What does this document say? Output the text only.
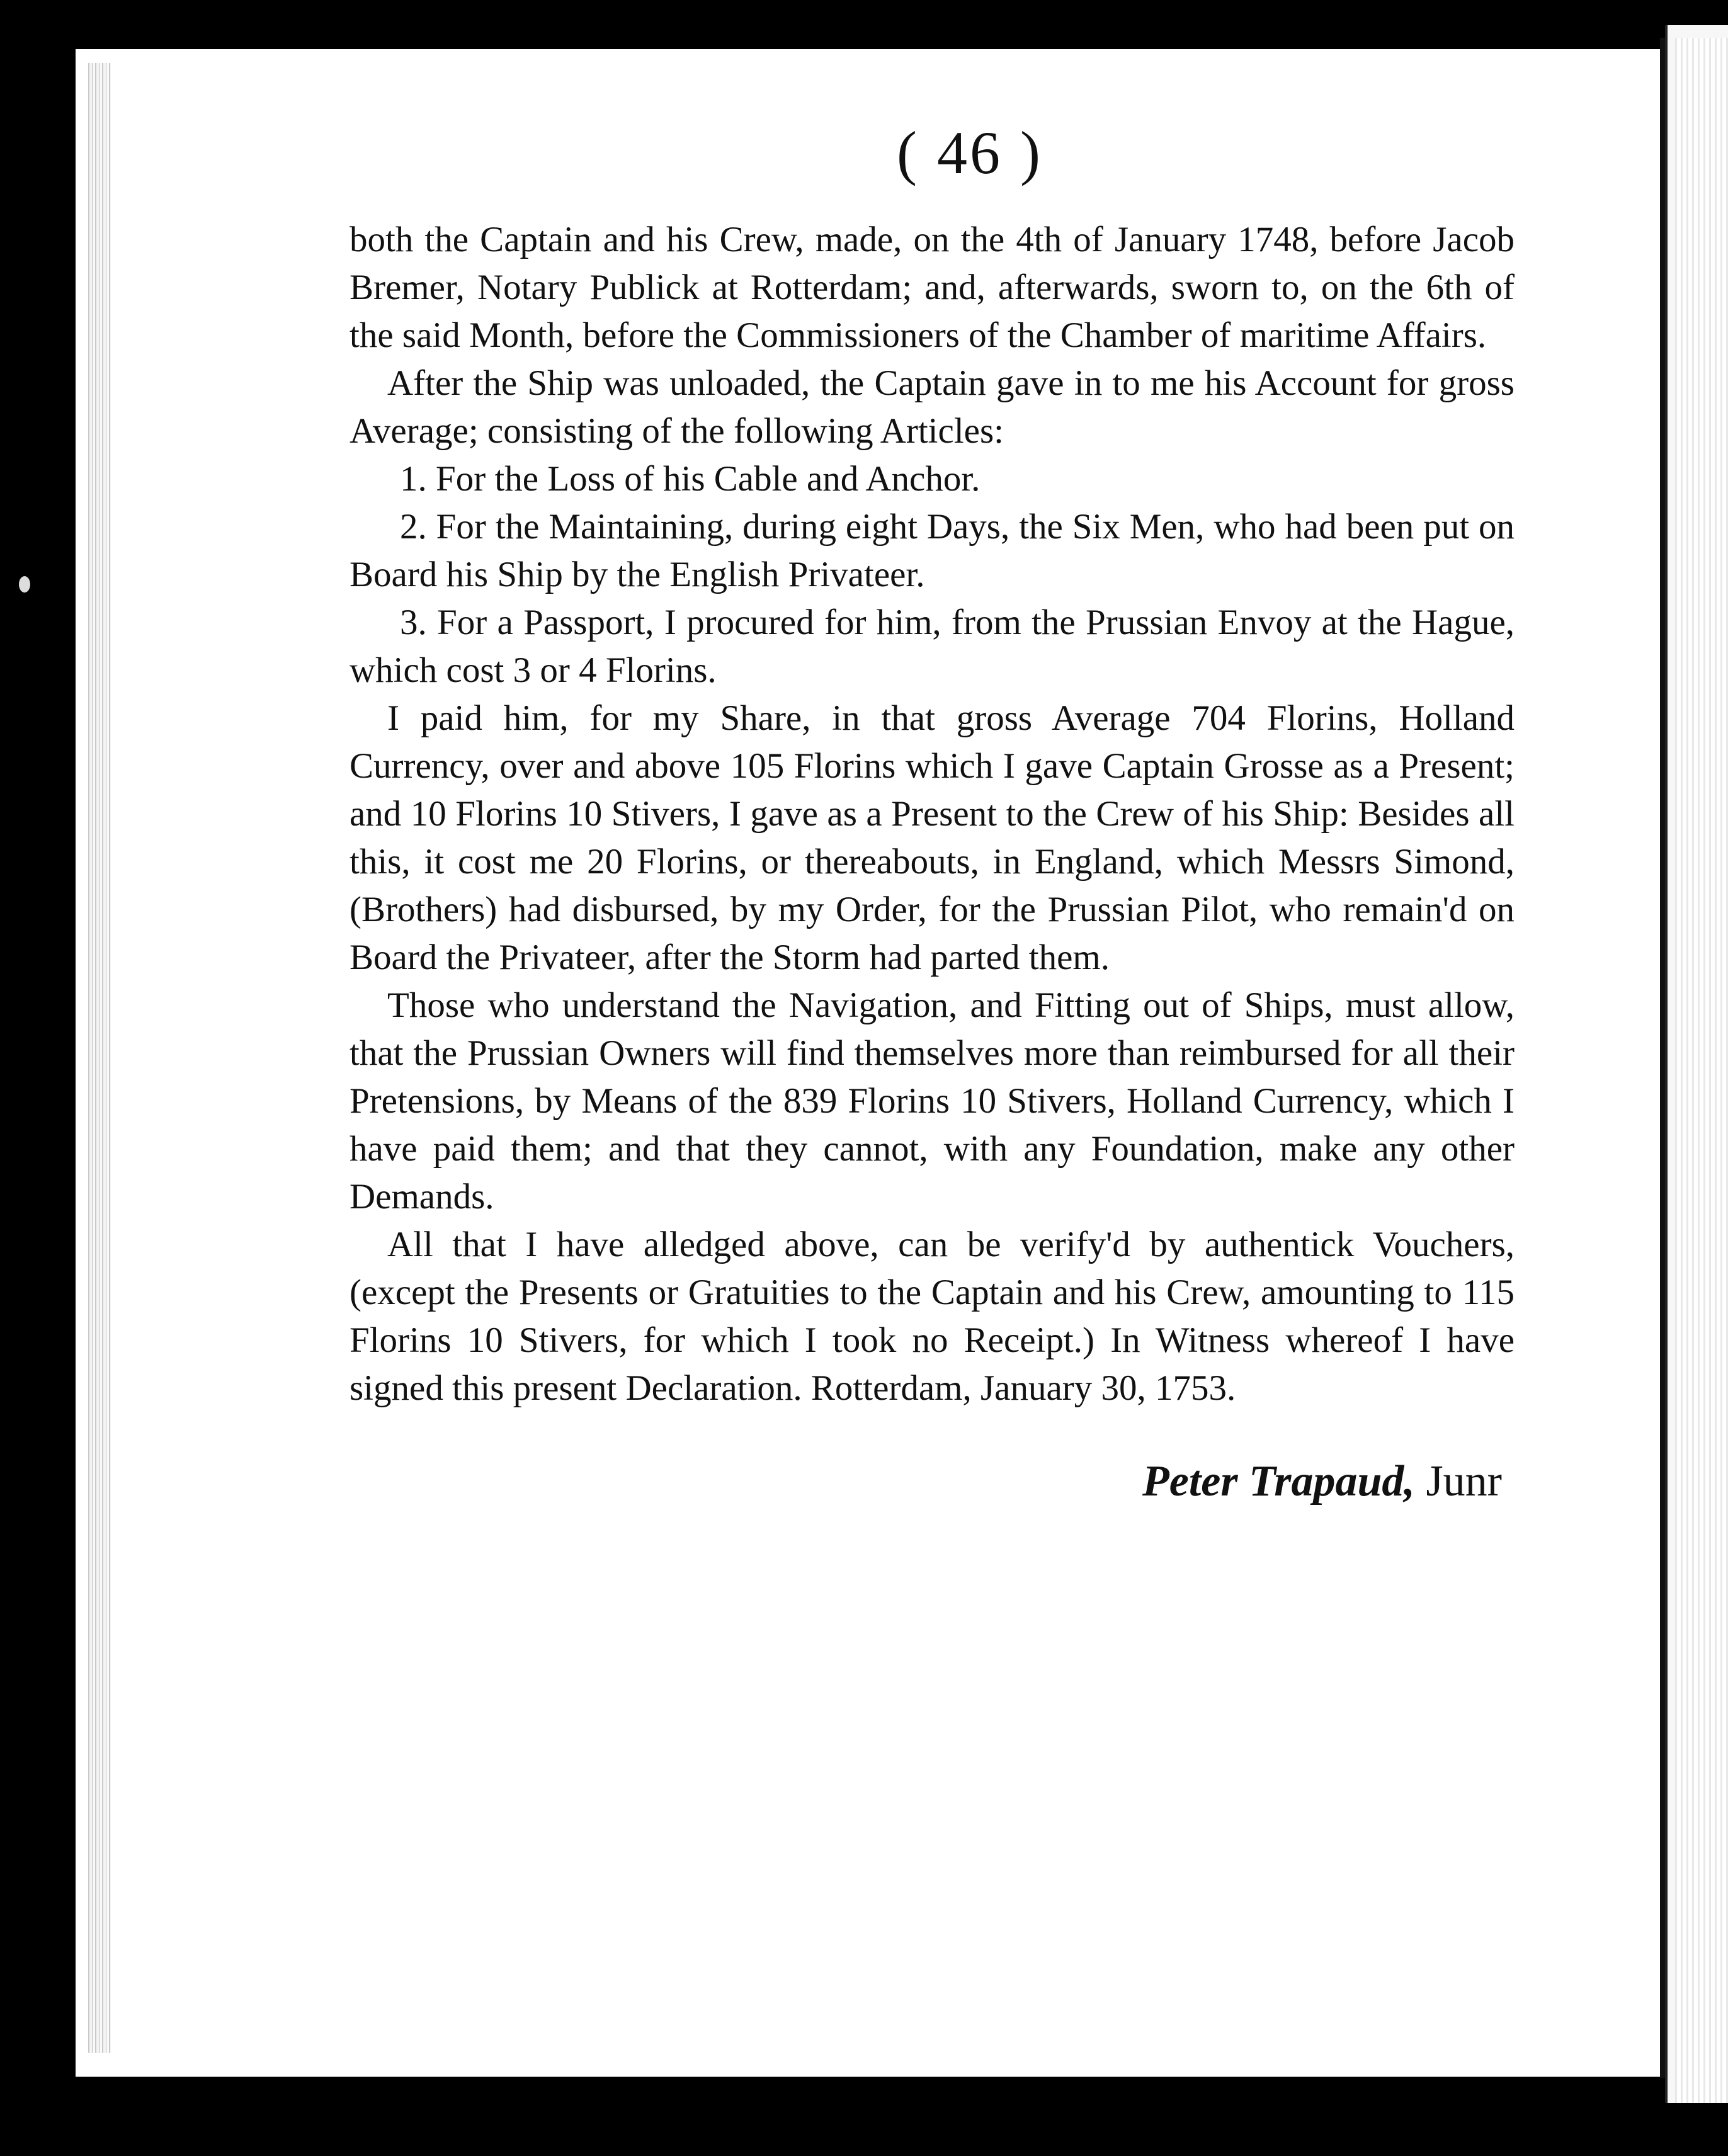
( 46 )

both the Captain and his Crew, made, on the 4th of January 1748, before Jacob Bremer, Notary Publick at Rotterdam; and, afterwards, sworn to, on the 6th of the said Month, before the Commissioners of the Chamber of maritime Affairs.

After the Ship was unloaded, the Captain gave in to me his Account for gross Average; consisting of the following Articles:

1. For the Loss of his Cable and Anchor.

2. For the Maintaining, during eight Days, the Six Men, who had been put on Board his Ship by the English Privateer.

3. For a Passport, I procured for him, from the Prussian Envoy at the Hague, which cost 3 or 4 Florins.

I paid him, for my Share, in that gross Average 704 Florins, Holland Currency, over and above 105 Florins which I gave Captain Grosse as a Present; and 10 Florins 10 Stivers, I gave as a Present to the Crew of his Ship: Besides all this, it cost me 20 Florins, or thereabouts, in England, which Messrs Simond, (Brothers) had disbursed, by my Order, for the Prussian Pilot, who remain'd on Board the Privateer, after the Storm had parted them.

Those who understand the Navigation, and Fitting out of Ships, must allow, that the Prussian Owners will find themselves more than reimbursed for all their Pretensions, by Means of the 839 Florins 10 Stivers, Holland Currency, which I have paid them; and that they cannot, with any Foundation, make any other Demands.

All that I have alledged above, can be verify'd by authentick Vouchers, (except the Presents or Gratuities to the Captain and his Crew, amounting to 115 Florins 10 Stivers, for which I took no Receipt.) In Witness whereof I have signed this present Declaration. Rotterdam, January 30, 1753.

Peter Trapaud, Junr
